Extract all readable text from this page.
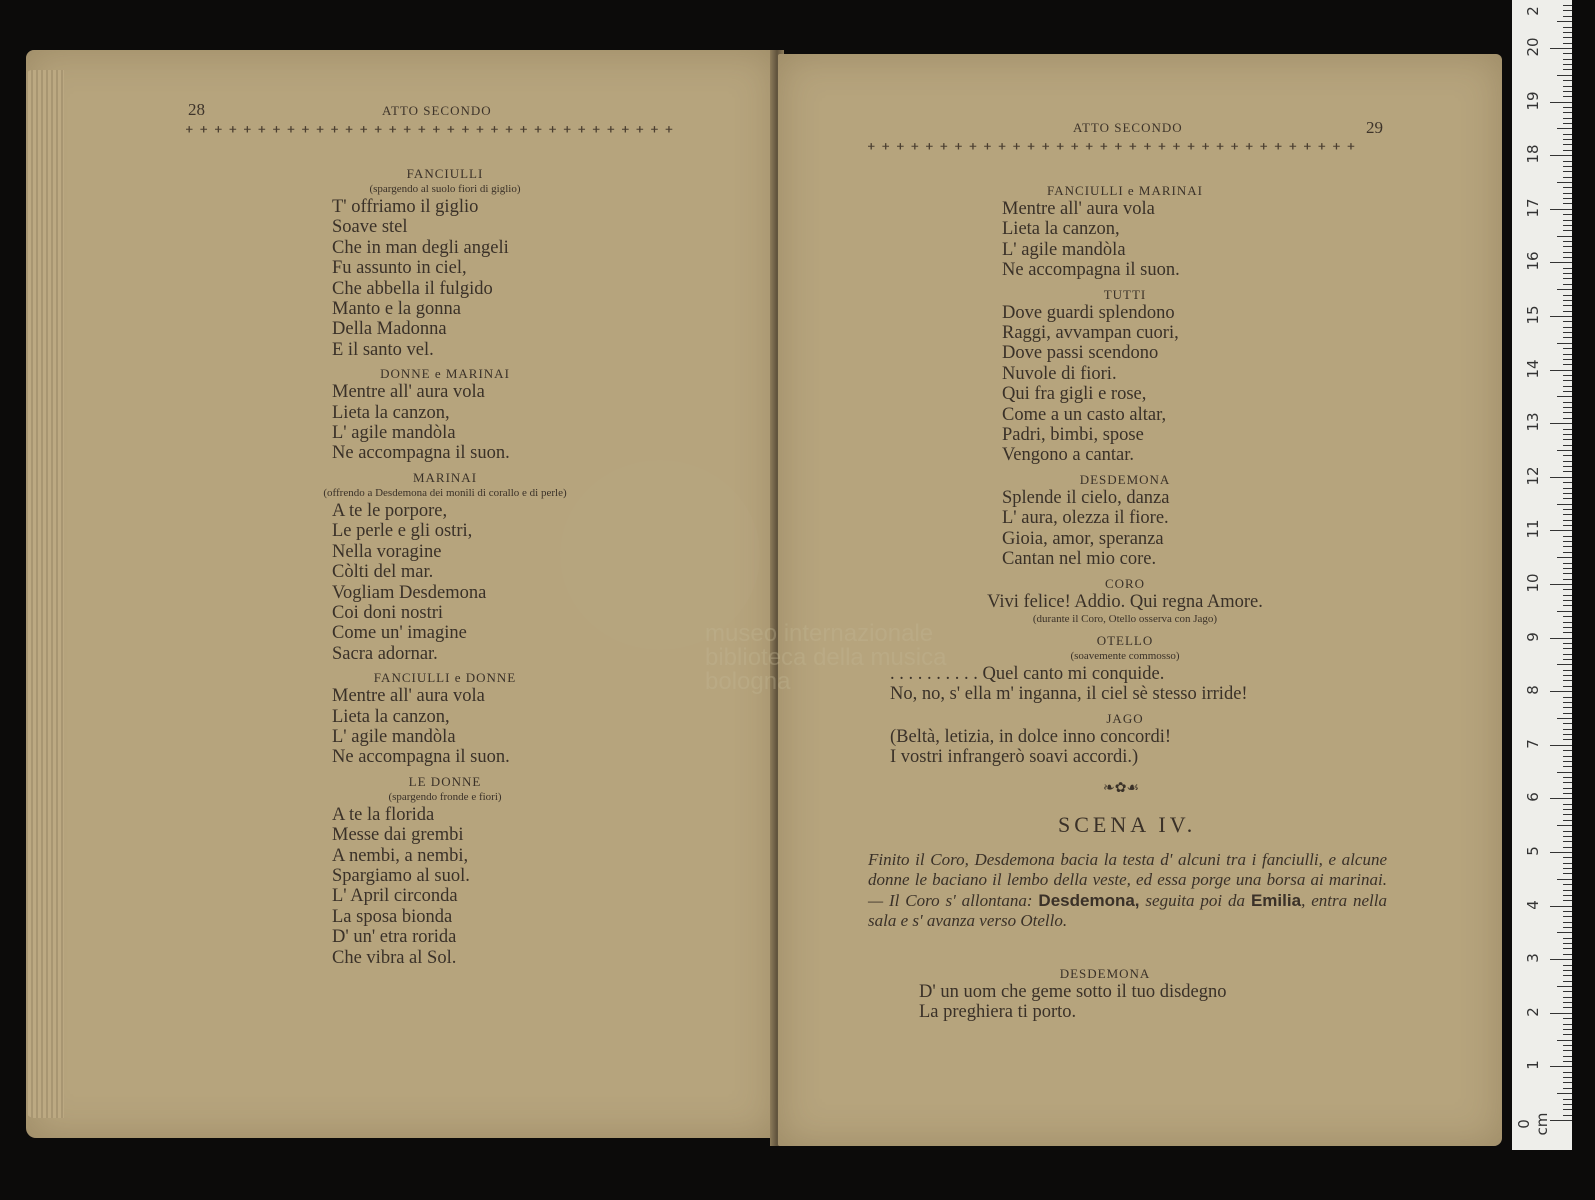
28	ATTO SECONDO
ᚐ ᚐ ᚐ ᚐ ᚐ ᚐ ᚐ ᚐ ᚐ ᚐ ᚐ ᚐ ᚐ ᚐ ᚐ ᚐ ᚐ ᚐ ᚐ ᚐ ᚐ ᚐ ᚐ ᚐ ᚐ ᚐ ᚐ ᚐ ᚐ ᚐ ᚐ ᚐ ᚐ ᚐ
FANCIULLI
(spargendo al suolo fiori di giglio)
T' offriamo il giglio
Soave stel
Che in man degli angeli
Fu assunto in ciel,
Che abbella il fulgido
Manto e la gonna
Della Madonna
E il santo vel.
DONNE e MARINAI
Mentre all' aura vola
Lieta la canzon,
L' agile mandòla
Ne accompagna il suon.
MARINAI
(offrendo a Desdemona dei monili di corallo e di perle)
A te le porpore,
Le perle e gli ostri,
Nella voragine
Còlti del mar.
Vogliam Desdemona
Coi doni nostri
Come un' imagine
Sacra adornar.
FANCIULLI e DONNE
Mentre all' aura vola
Lieta la canzon,
L' agile mandòla
Ne accompagna il suon.
LE DONNE
(spargendo fronde e fiori)
A te la florida
Messe dai grembi
A nembi, a nembi,
Spargiamo al suol.
L' April circonda
La sposa bionda
D' un' etra rorida
Che vibra al Sol.
ATTO SECONDO	29
ᚐ ᚐ ᚐ ᚐ ᚐ ᚐ ᚐ ᚐ ᚐ ᚐ ᚐ ᚐ ᚐ ᚐ ᚐ ᚐ ᚐ ᚐ ᚐ ᚐ ᚐ ᚐ ᚐ ᚐ ᚐ ᚐ ᚐ ᚐ ᚐ ᚐ ᚐ ᚐ ᚐ ᚐ
FANCIULLI e MARINAI
Mentre all' aura vola
Lieta la canzon,
L' agile mandòla
Ne accompagna il suon.
TUTTI
Dove guardi splendono
Raggi, avvampan cuori,
Dove passi scendono
Nuvole di fiori.
Qui fra gigli e rose,
Come a un casto altar,
Padri, bimbi, spose
Vengono a cantar.
DESDEMONA
Splende il cielo, danza
L' aura, olezza il fiore.
Gioia, amor, speranza
Cantan nel mio core.
CORO
Vivi felice! Addio. Qui regna Amore.
(durante il Coro, Otello osserva con Jago)
OTELLO
(soavemente commosso)
. . . . . . . . . . Quel canto mi conquide.
No, no, s' ella m' inganna, il ciel sè stesso irride!
JAGO
(Beltà, letizia, in dolce inno concordi!
I vostri infrangerò soavi accordi.)
❧✿☙
SCENA IV.
Finito il Coro, Desdemona bacia la testa d' alcuni tra i fanciulli, e alcune donne le baciano il lembo della veste, ed essa porge una borsa ai marinai. — Il Coro s' allontana: Desdemona, seguita poi da Emilia, entra nella sala e s' avanza verso Otello.
DESDEMONA
D' un uom che geme sotto il tuo disdegno
La preghiera ti porto.
museo internazionale
biblioteca della musica
bologna
0 cm
1
2
3
4
5
6
7
8
9
10
11
12
13
14
15
16
17
18
19
20
2
